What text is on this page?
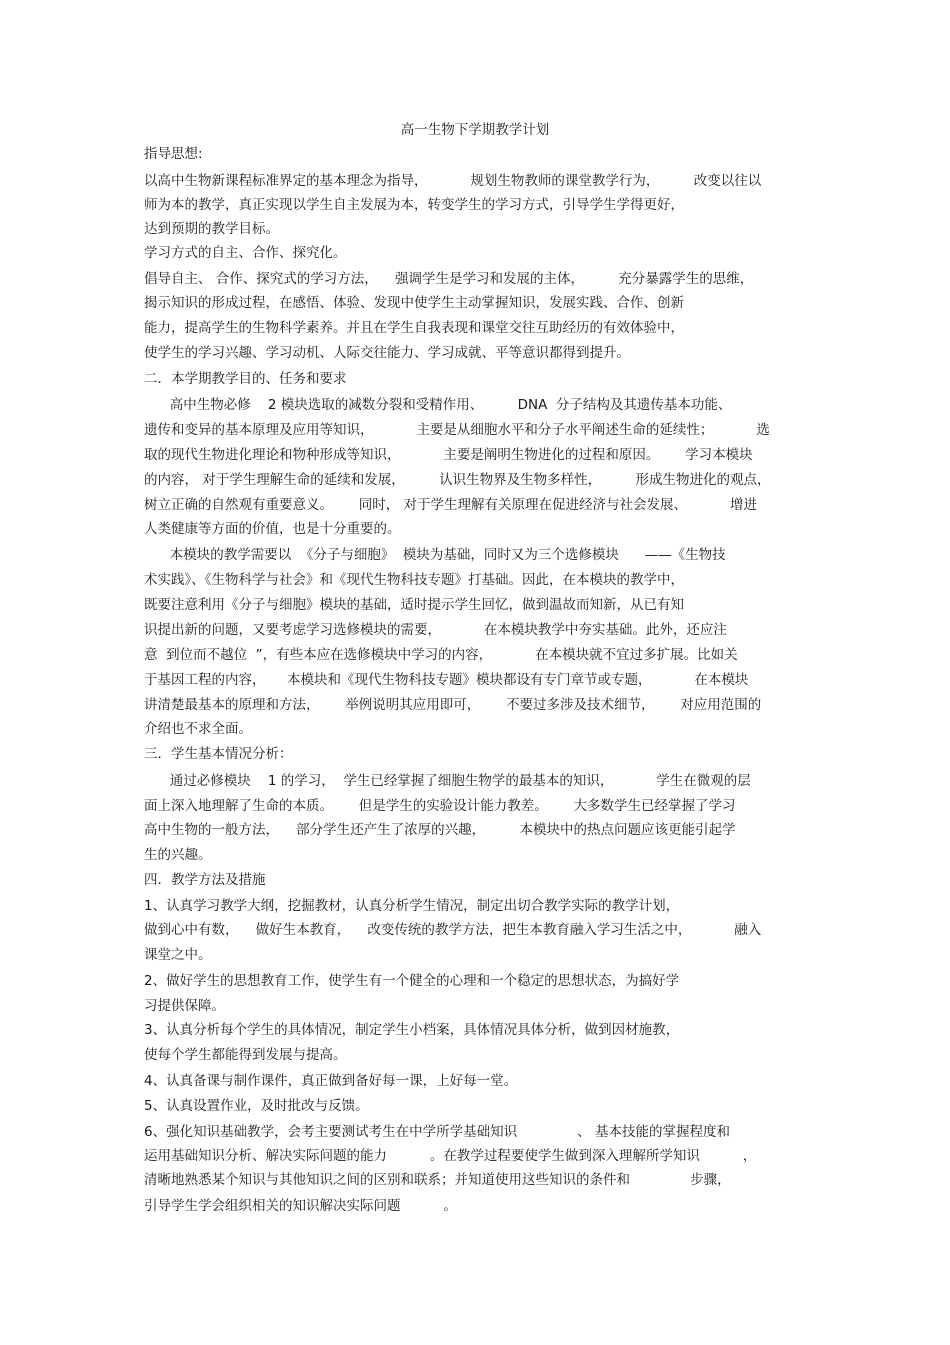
高一生物下学期教学计划
指导思想:
以高中生物新课程标准界定的基本理念为指导，          规划生物教师的课堂教学行为，        改变以往以
师为本的教学，真正实现以学生自主发展为本，转变学生的学习方式，引导学生学得更好，
达到预期的教学目标。
学习方式的自主、合作、探究化。
倡导自主、 合作、探究式的学习方法，    强调学生是学习和发展的主体，        充分暴露学生的思维，
揭示知识的形成过程，在感悟、体验、发现中使学生主动掌握知识，发展实践、合作、创新
能力，提高学生的生物科学素养。并且在学生自我表现和课堂交往互助经历的有效体验中，
使学生的学习兴趣、学习动机、人际交往能力、学习成就、平等意识都得到提升。
二．本学期教学目的、任务和要求
高中生物必修    2 模块选取的减数分裂和受精作用、        DNA  分子结构及其遗传基本功能、
遗传和变异的基本原理及应用等知识，          主要是从细胞水平和分子水平阐述生命的延续性；          选
取的现代生物进化理论和物种形成等知识，          主要是阐明生物进化的过程和原因。      学习本模块
的内容， 对于学生理解生命的延续和发展，        认识生物界及生物多样性，        形成生物进化的观点，
树立正确的自然观有重要意义。      同时， 对于学生理解有关原理在促进经济与社会发展、          增进
人类健康等方面的价值，也是十分重要的。
本模块的教学需要以  《分子与细胞》  模块为基础，同时又为三个选修模块      ——《生物技
术实践》、《生物科学与社会》和《现代生物科技专题》打基础。因此，在本模块的教学中，
既要注意利用《分子与细胞》模块的基础，适时提示学生回忆，做到温故而知新，从已有知
识提出新的问题，又要考虑学习选修模块的需要，          在本模块教学中夯实基础。此外，还应注
意  到位而不越位  ”，有些本应在选修模块中学习的内容，          在本模块就不宜过多扩展。比如关
于基因工程的内容，     本模块和《现代生物科技专题》模块都设有专门章节或专题，          在本模块
讲清楚最基本的原理和方法，      举例说明其应用即可，      不要过多涉及技术细节，      对应用范围的
介绍也不求全面。
三．学生基本情况分析：
通过必修模块    1 的学习，  学生已经掌握了细胞生物学的最基本的知识，          学生在微观的层
面上深入地理解了生命的本质。      但是学生的实验设计能力教差。      大多数学生已经掌握了学习
高中生物的一般方法，    部分学生还产生了浓厚的兴趣，        本模块中的热点问题应该更能引起学
生的兴趣。
四．教学方法及措施
1、认真学习教学大纲，挖掘教材，认真分析学生情况，制定出切合教学实际的教学计划，
做到心中有数，    做好生本教育，    改变传统的教学方法，把生本教育融入学习生活之中，          融入
课堂之中。
2、做好学生的思想教育工作，使学生有一个健全的心理和一个稳定的思想状态，为搞好学
习提供保障。
3、认真分析每个学生的具体情况，制定学生小档案，具体情况具体分析，做到因材施教，
使每个学生都能得到发展与提高。
4、认真备课与制作课件，真正做到备好每一课，上好每一堂。
5、认真设置作业，及时批改与反馈。
6、强化知识基础教学，会考主要测试考生在中学所学基础知识              、 基本技能的掌握程度和
运用基础知识分析、解决实际问题的能力          。在教学过程要使学生做到深入理解所学知识          ，
清晰地熟悉某个知识与其他知识之间的区别和联系；并知道使用这些知识的条件和              步骤，
引导学生学会组织相关的知识解决实际问题          。
